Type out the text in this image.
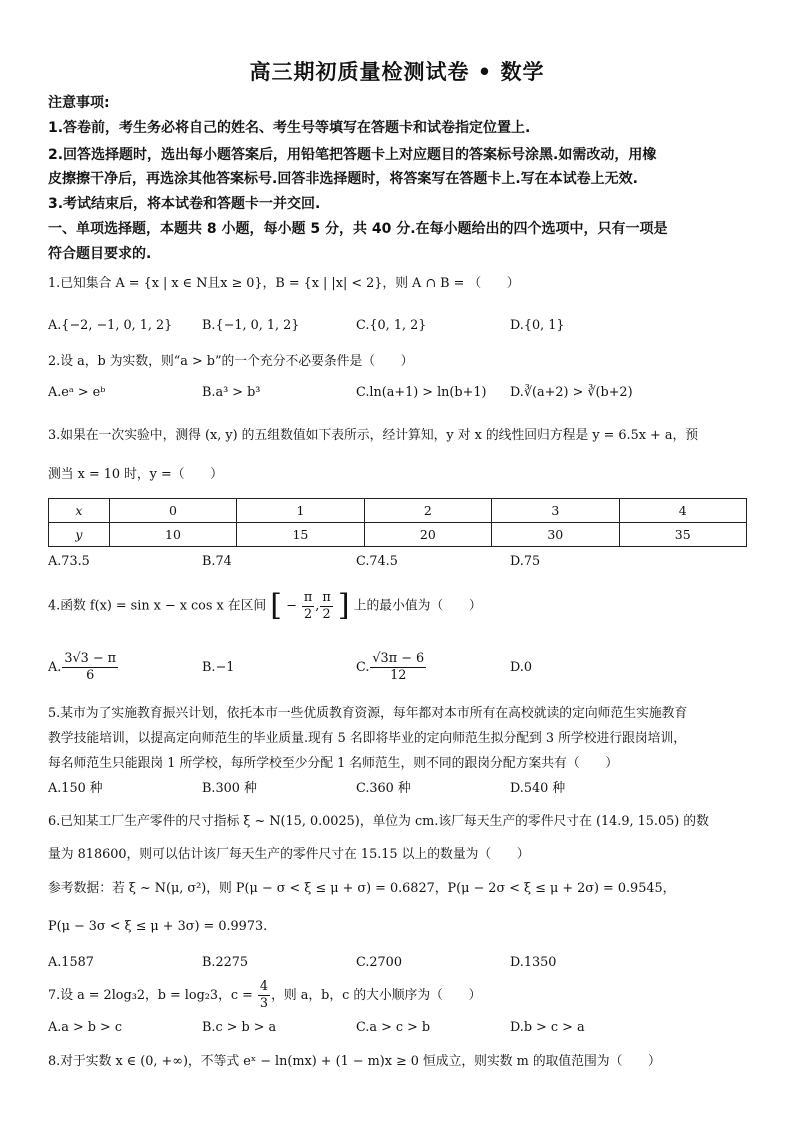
高三期初质量检测试卷 • 数学
注意事项:
1.答卷前，考生务必将自己的姓名、考生号等填写在答题卡和试卷指定位置上.
2.回答选择题时，选出每小题答案后，用铅笔把答题卡上对应题目的答案标号涂黑.如需改动，用橡
皮擦擦干净后，再选涂其他答案标号.回答非选择题时，将答案写在答题卡上.写在本试卷上无效.
3.考试结束后，将本试卷和答题卡一并交回.
一、单项选择题，本题共 8 小题，每小题 5 分，共 40 分.在每小题给出的四个选项中，只有一项是
符合题目要求的.
1.已知集合 A = {x | x ∈ N且x ≥ 0}，B = {x | |x| < 2}，则 A ∩ B = （　　）
A.{−2, −1, 0, 1, 2} B.{−1, 0, 1, 2}	C.{0, 1, 2}	D.{0, 1}
2.设 a，b 为实数，则“a > b”的一个充分不必要条件是（　　）
A.eᵃ > eᵇ	B.a³ > b³	C.ln(a+1) > ln(b+1) D.∛(a+2) > ∛(b+2)
3.如果在一次实验中，测得 (x, y) 的五组数值如下表所示，经计算知，y 对 x 的线性回归方程是 y = 6.5x + a，预
测当 x = 10 时，y =（　　）
x	0	1	2	3	4
y	10	15	20	30	35
A.73.5	B.74	C.74.5	D.75
4.函数 f(x) = sin x − x cos x 在区间 [ − $\frac{\pi}{2}$ , $\frac{\pi}{2}$ ] 上的最小值为（　　）
A. $\frac{3√3 - \pi}{6}$	B.−1	C. $\frac{√3\pi - 6}{12}$	D.0
5.某市为了实施教育振兴计划，依托本市一些优质教育资源，每年都对本市所有在高校就读的定向师范生实施教育
教学技能培训，以提高定向师范生的毕业质量.现有 5 名即将毕业的定向师范生拟分配到 3 所学校进行跟岗培训，
每名师范生只能跟岗 1 所学校，每所学校至少分配 1 名师范生，则不同的跟岗分配方案共有（　　）
A.150 种	B.300 种	C.360 种	D.540 种
6.已知某工厂生产零件的尺寸指标 ξ ~ N(15, 0.0025)，单位为 cm.该厂每天生产的零件尺寸在 (14.9, 15.05) 的数
量为 818600，则可以估计该厂每天生产的零件尺寸在 15.15 以上的数量为（　　）
参考数据：若 ξ ~ N(μ, σ²)，则 P(μ − σ < ξ ≤ μ + σ) = 0.6827，P(μ − 2σ < ξ ≤ μ + 2σ) = 0.9545，
P(μ − 3σ < ξ ≤ μ + 3σ) = 0.9973.
A.1587	B.2275	C.2700	D.1350
7.设 a = 2log₃2，b = log₂3，$c = \frac{4}{3}$ ，则 a，b，c 的大小顺序为（　　）
A.a > b > c	B.c > b > a	C.a > c > b	D.b > c > a
8.对于实数 x ∈ (0, +∞)，不等式 eˣ − ln(mx) + (1 − m)x ≥ 0 恒成立，则实数 m 的取值范围为（　　）
